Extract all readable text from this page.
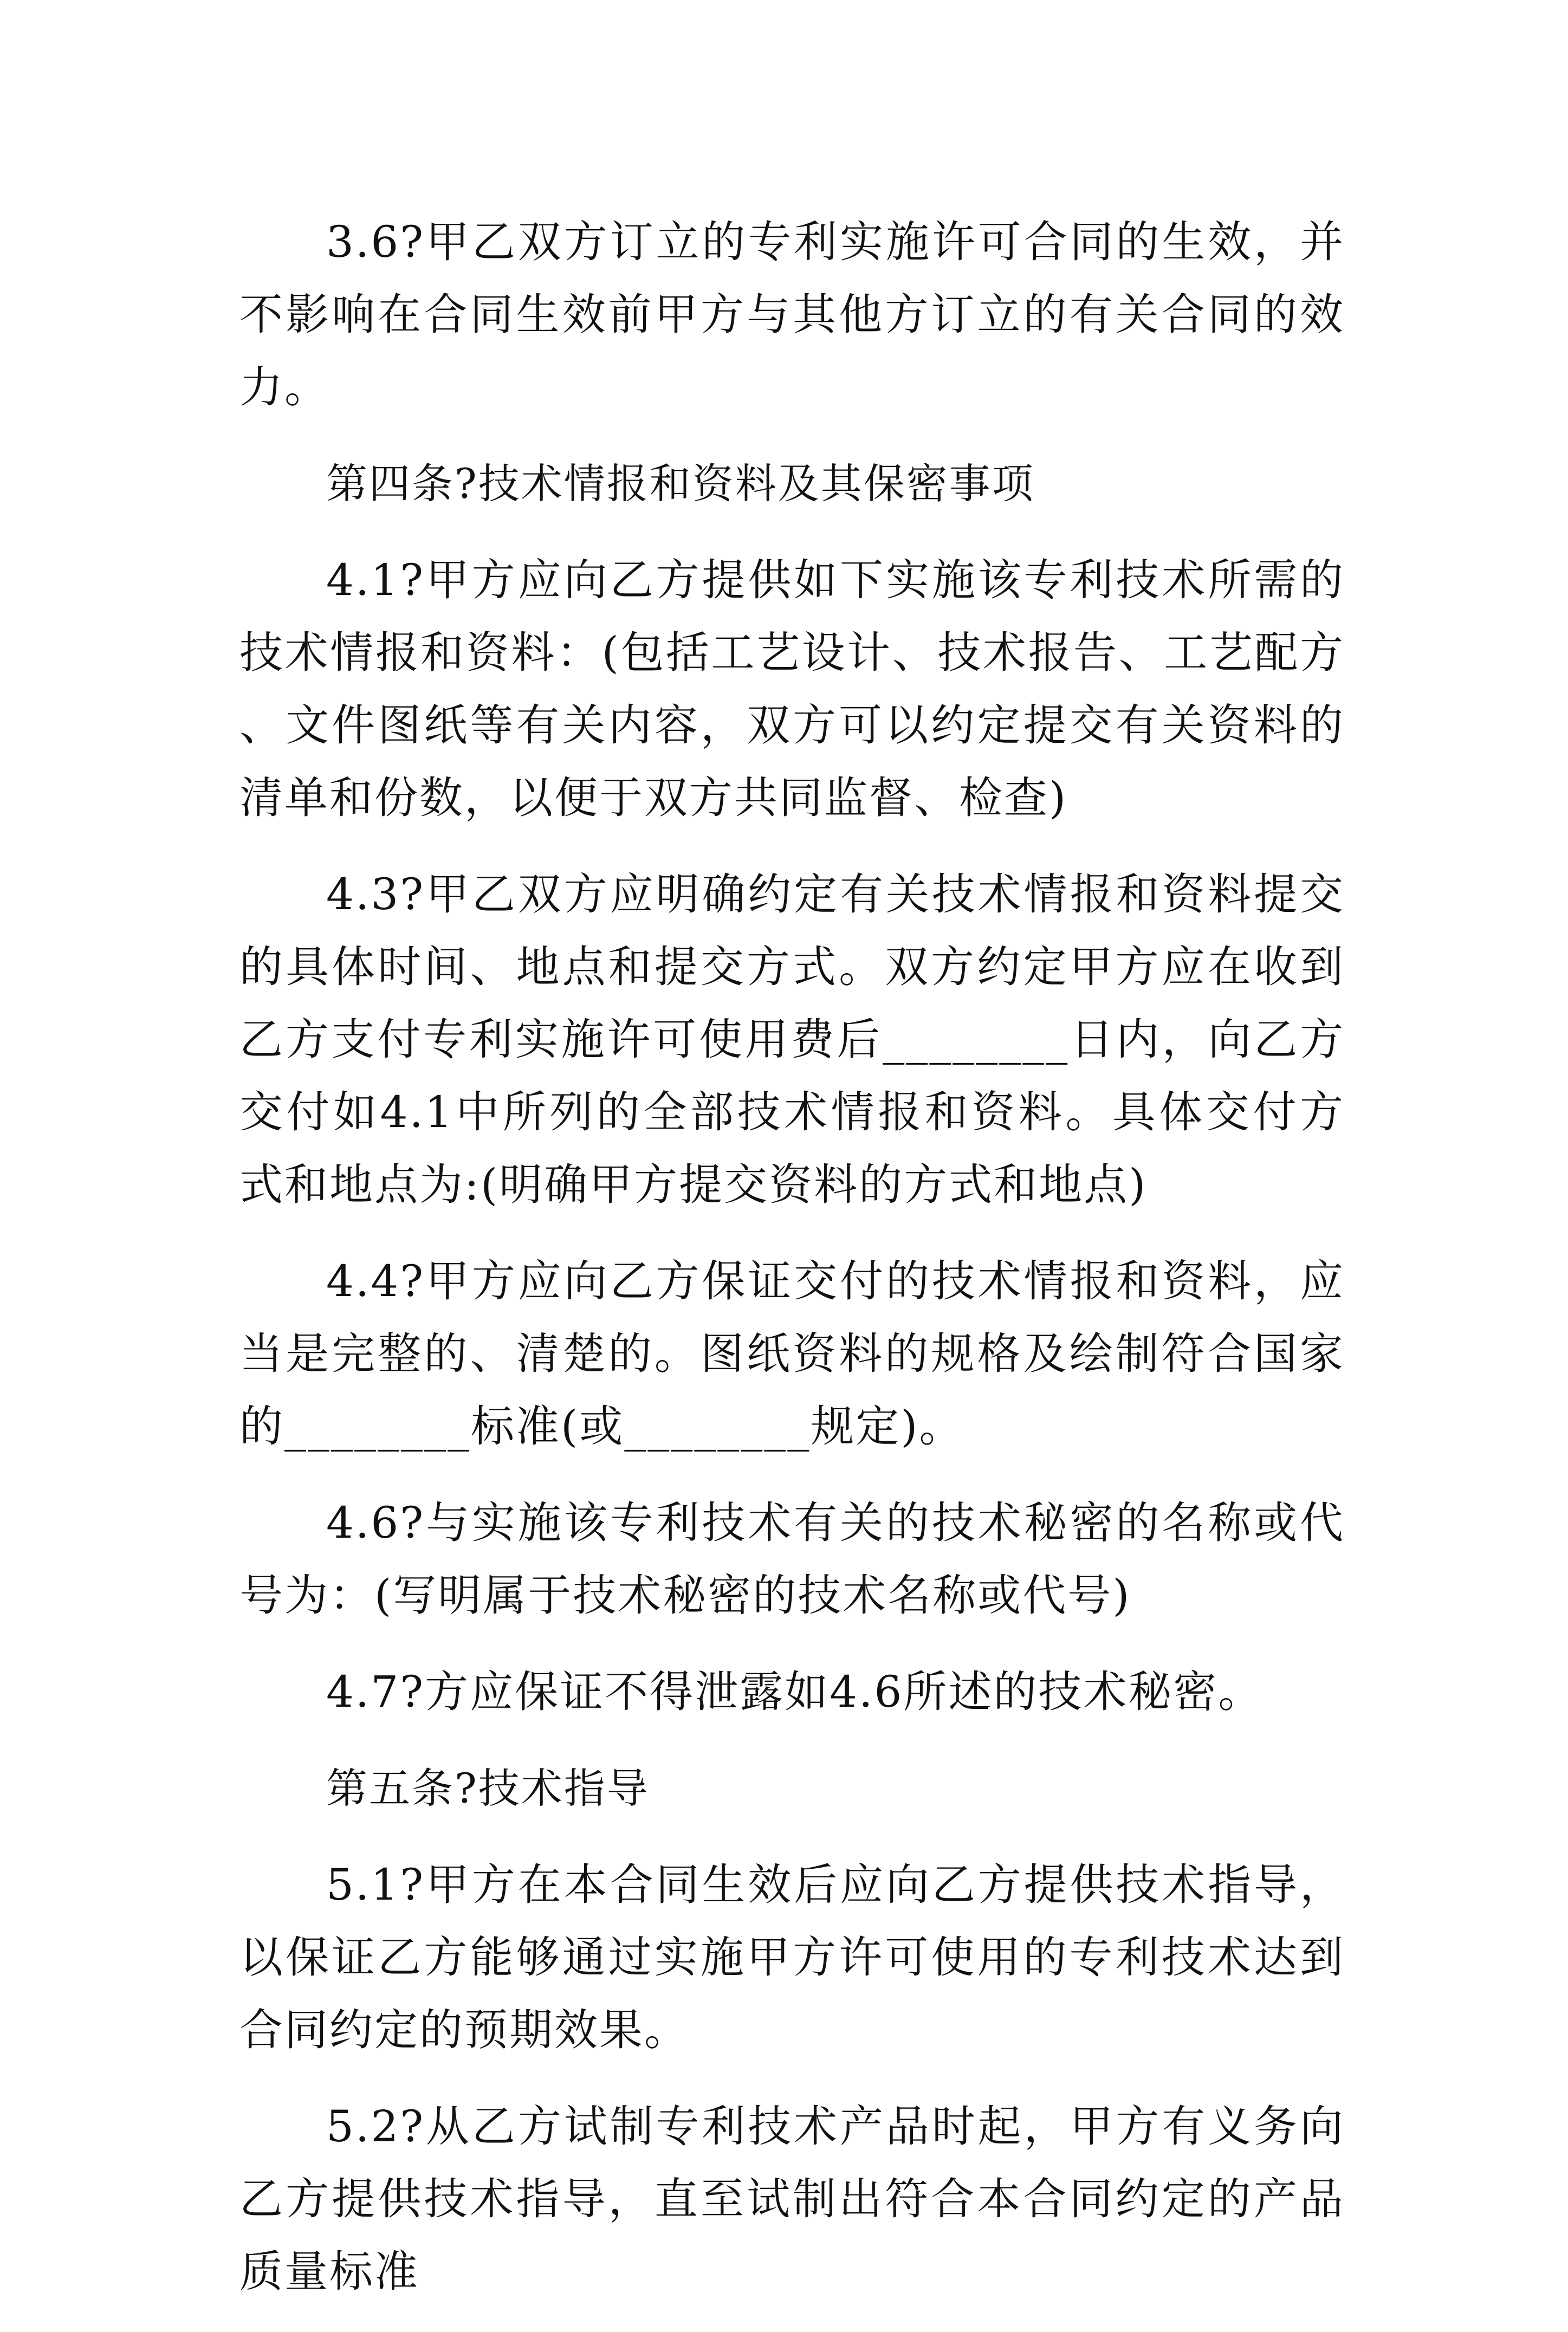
3.6?甲乙双方订立的专利实施许可合同的生效，并不影响在合同生效前甲方与其他方订立的有关合同的效力。

第四条?技术情报和资料及其保密事项

4.1?甲方应向乙方提供如下实施该专利技术所需的技术情报和资料：(包括工艺设计、技术报告、工艺配方、文件图纸等有关内容，双方可以约定提交有关资料的清单和份数，以便于双方共同监督、检查)

4.3?甲乙双方应明确约定有关技术情报和资料提交的具体时间、地点和提交方式。双方约定甲方应在收到乙方支付专利实施许可使用费后________日内，向乙方交付如4.1中所列的全部技术情报和资料。具体交付方式和地点为:(明确甲方提交资料的方式和地点)

4.4?甲方应向乙方保证交付的技术情报和资料，应当是完整的、清楚的。图纸资料的规格及绘制符合国家的________标准(或________规定)。

4.6?与实施该专利技术有关的技术秘密的名称或代号为：(写明属于技术秘密的技术名称或代号)

4.7?方应保证不得泄露如4.6所述的技术秘密。

第五条?技术指导

5.1?甲方在本合同生效后应向乙方提供技术指导，以保证乙方能够通过实施甲方许可使用的专利技术达到合同约定的预期效果。

5.2?从乙方试制专利技术产品时起，甲方有义务向乙方提供技术指导，直至试制出符合本合同约定的产品质量标准
